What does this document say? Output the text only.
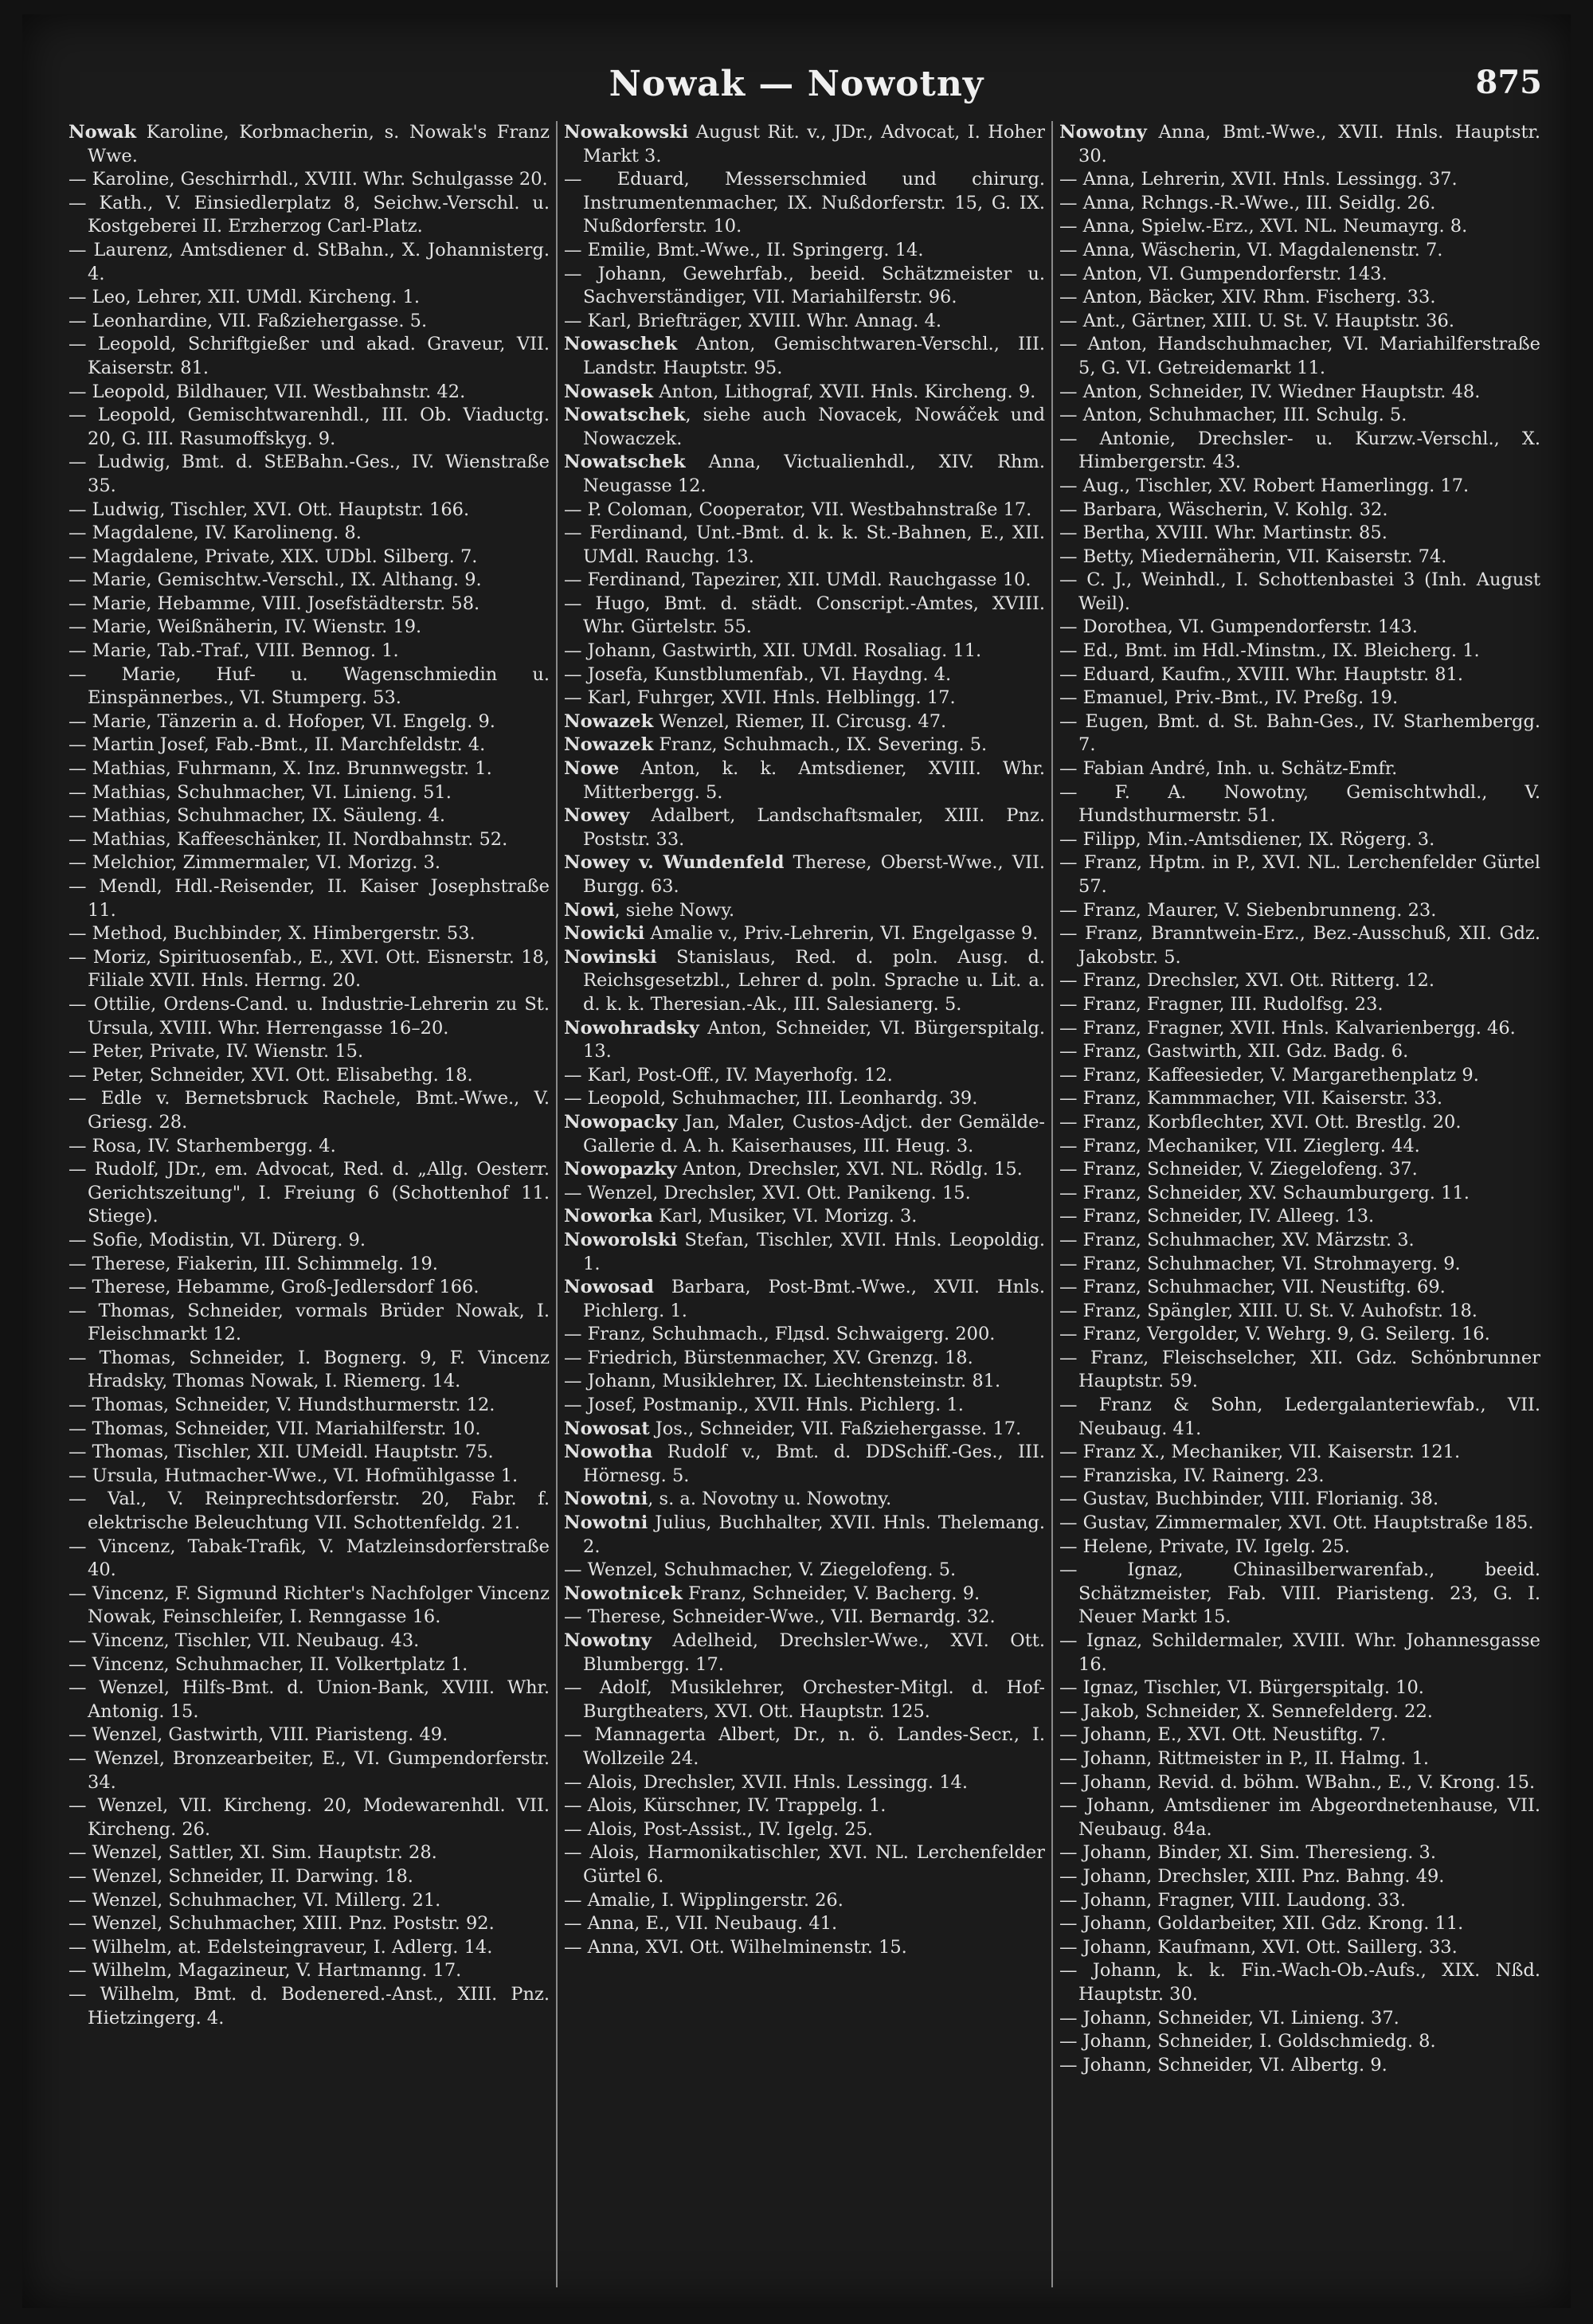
Nowak — Nowotny	875

Nowak Karoline, Korbmacherin, s. Nowak's Franz Wwe.

— Karoline, Geschirrhdl., XVIII. Whr. Schulgasse 20.

— Kath., V. Einsiedlerplatz 8, Seichw.-Verschl. u. Kostgeberei II. Erzherzog Carl-Platz.

— Laurenz, Amtsdiener d. StBahn., X. Johannisterg. 4.

— Leo, Lehrer, XII. UMdl. Kircheng. 1.

— Leonhardine, VII. Faßziehergasse. 5.

— Leopold, Schriftgießer und akad. Graveur, VII. Kaiserstr. 81.

— Leopold, Bildhauer, VII. Westbahnstr. 42.

— Leopold, Gemischtwarenhdl., III. Ob. Viaductg. 20, G. III. Rasumoffskyg. 9.

— Ludwig, Bmt. d. StEBahn.-Ges., IV. Wienstraße 35.

— Ludwig, Tischler, XVI. Ott. Hauptstr. 166.

— Magdalene, IV. Karolineng. 8.

— Magdalene, Private, XIX. UDbl. Silberg. 7.

— Marie, Gemischtw.-Verschl., IX. Althang. 9.

— Marie, Hebamme, VIII. Josefstädterstr. 58.

— Marie, Weißnäherin, IV. Wienstr. 19.

— Marie, Tab.-Traf., VIII. Bennog. 1.

— Marie, Huf- u. Wagenschmiedin u. Einspännerbes., VI. Stumperg. 53.

— Marie, Tänzerin a. d. Hofoper, VI. Engelg. 9.

— Martin Josef, Fab.-Bmt., II. Marchfeldstr. 4.

— Mathias, Fuhrmann, X. Inz. Brunnwegstr. 1.

— Mathias, Schuhmacher, VI. Linieng. 51.

— Mathias, Schuhmacher, IX. Säuleng. 4.

— Mathias, Kaffeeschänker, II. Nordbahnstr. 52.

— Melchior, Zimmermaler, VI. Morizg. 3.

— Mendl, Hdl.-Reisender, II. Kaiser Josephstraße 11.

— Method, Buchbinder, X. Himbergerstr. 53.

— Moriz, Spirituosenfab., E., XVI. Ott. Eisnerstr. 18, Filiale XVII. Hnls. Herrng. 20.

— Ottilie, Ordens-Cand. u. Industrie-Lehrerin zu St. Ursula, XVIII. Whr. Herrengasse 16–20.

— Peter, Private, IV. Wienstr. 15.

— Peter, Schneider, XVI. Ott. Elisabethg. 18.

— Edle v. Bernetsbruck Rachele, Bmt.-Wwe., V. Griesg. 28.

— Rosa, IV. Starhembergg. 4.

— Rudolf, JDr., em. Advocat, Red. d. „Allg. Oesterr. Gerichtszeitung", I. Freiung 6 (Schottenhof 11. Stiege).

— Sofie, Modistin, VI. Dürerg. 9.

— Therese, Fiakerin, III. Schimmelg. 19.

— Therese, Hebamme, Groß-Jedlersdorf 166.

— Thomas, Schneider, vormals Brüder Nowak, I. Fleischmarkt 12.

— Thomas, Schneider, I. Bognerg. 9, F. Vincenz Hradsky, Thomas Nowak, I. Riemerg. 14.

— Thomas, Schneider, V. Hundsthurmerstr. 12.

— Thomas, Schneider, VII. Mariahilferstr. 10.

— Thomas, Tischler, XII. UMeidl. Hauptstr. 75.

— Ursula, Hutmacher-Wwe., VI. Hofmühlgasse 1.

— Val., V. Reinprechtsdorferstr. 20, Fabr. f. elektrische Beleuchtung VII. Schottenfeldg. 21.

— Vincenz, Tabak-Trafik, V. Matzleinsdorferstraße 40.

— Vincenz, F. Sigmund Richter's Nachfolger Vincenz Nowak, Feinschleifer, I. Renngasse 16.

— Vincenz, Tischler, VII. Neubaug. 43.

— Vincenz, Schuhmacher, II. Volkertplatz 1.

— Wenzel, Hilfs-Bmt. d. Union-Bank, XVIII. Whr. Antonig. 15.

— Wenzel, Gastwirth, VIII. Piaristeng. 49.

— Wenzel, Bronzearbeiter, E., VI. Gumpendorferstr. 34.

— Wenzel, VII. Kircheng. 20, Modewarenhdl. VII. Kircheng. 26.

— Wenzel, Sattler, XI. Sim. Hauptstr. 28.

— Wenzel, Schneider, II. Darwing. 18.

— Wenzel, Schuhmacher, VI. Millerg. 21.

— Wenzel, Schuhmacher, XIII. Pnz. Poststr. 92.

— Wilhelm, at. Edelsteingraveur, I. Adlerg. 14.

— Wilhelm, Magazineur, V. Hartmanng. 17.

— Wilhelm, Bmt. d. Bodenered.-Anst., XIII. Pnz. Hietzingerg. 4.

Nowakowski August Rit. v., JDr., Advocat, I. Hoher Markt 3.

— Eduard, Messerschmied und chirurg. Instrumentenmacher, IX. Nußdorferstr. 15, G. IX. Nußdorferstr. 10.

— Emilie, Bmt.-Wwe., II. Springerg. 14.

— Johann, Gewehrfab., beeid. Schätzmeister u. Sachverständiger, VII. Mariahilferstr. 96.

— Karl, Briefträger, XVIII. Whr. Annag. 4.

Nowaschek Anton, Gemischtwaren-Verschl., III. Landstr. Hauptstr. 95.

Nowasek Anton, Lithograf, XVII. Hnls. Kircheng. 9.

Nowatschek, siehe auch Novacek, Nowáček und Nowaczek.

Nowatschek Anna, Victualienhdl., XIV. Rhm. Neugasse 12.

— P. Coloman, Cooperator, VII. Westbahnstraße 17.

— Ferdinand, Unt.-Bmt. d. k. k. St.-Bahnen, E., XII. UMdl. Rauchg. 13.

— Ferdinand, Tapezirer, XII. UMdl. Rauchgasse 10.

— Hugo, Bmt. d. städt. Conscript.-Amtes, XVIII. Whr. Gürtelstr. 55.

— Johann, Gastwirth, XII. UMdl. Rosaliag. 11.

— Josefa, Kunstblumenfab., VI. Haydng. 4.

— Karl, Fuhrger, XVII. Hnls. Helblingg. 17.

Nowazek Wenzel, Riemer, II. Circusg. 47.

Nowazek Franz, Schuhmach., IX. Severing. 5.

Nowe Anton, k. k. Amtsdiener, XVIII. Whr. Mitterbergg. 5.

Nowey Adalbert, Landschaftsmaler, XIII. Pnz. Poststr. 33.

Nowey v. Wundenfeld Therese, Oberst-Wwe., VII. Burgg. 63.

Nowi, siehe Nowy.

Nowicki Amalie v., Priv.-Lehrerin, VI. Engelgasse 9.

Nowinski Stanislaus, Red. d. poln. Ausg. d. Reichsgesetzbl., Lehrer d. poln. Sprache u. Lit. a. d. k. k. Theresian.-Ak., III. Salesianerg. 5.

Nowohradsky Anton, Schneider, VI. Bürgerspitalg. 13.

— Karl, Post-Off., IV. Mayerhofg. 12.

— Leopold, Schuhmacher, III. Leonhardg. 39.

Nowopacky Jan, Maler, Custos-Adjct. der Gemälde-Gallerie d. A. h. Kaiserhauses, III. Heug. 3.

Nowopazky Anton, Drechsler, XVI. NL. Rödlg. 15.

— Wenzel, Drechsler, XVI. Ott. Panikeng. 15.

Noworka Karl, Musiker, VI. Morizg. 3.

Noworolski Stefan, Tischler, XVII. Hnls. Leopoldig. 1.

Nowosad Barbara, Post-Bmt.-Wwe., XVII. Hnls. Pichlerg. 1.

— Franz, Schuhmach., Flдsd. Schwaigerg. 200.

— Friedrich, Bürstenmacher, XV. Grenzg. 18.

— Johann, Musiklehrer, IX. Liechtensteinstr. 81.

— Josef, Postmanip., XVII. Hnls. Pichlerg. 1.

Nowosat Jos., Schneider, VII. Faßziehergasse. 17.

Nowotha Rudolf v., Bmt. d. DDSchiff.-Ges., III. Hörnesg. 5.

Nowotni, s. a. Novotny u. Nowotny.

Nowotni Julius, Buchhalter, XVII. Hnls. Thelemang. 2.

— Wenzel, Schuhmacher, V. Ziegelofeng. 5.

Nowotnicek Franz, Schneider, V. Bacherg. 9.

— Therese, Schneider-Wwe., VII. Bernardg. 32.

Nowotny Adelheid, Drechsler-Wwe., XVI. Ott. Blumbergg. 17.

— Adolf, Musiklehrer, Orchester-Mitgl. d. Hof-Burgtheaters, XVI. Ott. Hauptstr. 125.

— Mannagerta Albert, Dr., n. ö. Landes-Secr., I. Wollzeile 24.

— Alois, Drechsler, XVII. Hnls. Lessingg. 14.

— Alois, Kürschner, IV. Trappelg. 1.

— Alois, Post-Assist., IV. Igelg. 25.

— Alois, Harmonikatischler, XVI. NL. Lerchenfelder Gürtel 6.

— Amalie, I. Wipplingerstr. 26.

— Anna, E., VII. Neubaug. 41.

— Anna, XVI. Ott. Wilhelminenstr. 15.

Nowotny Anna, Bmt.-Wwe., XVII. Hnls. Hauptstr. 30.

— Anna, Lehrerin, XVII. Hnls. Lessingg. 37.

— Anna, Rchngs.-R.-Wwe., III. Seidlg. 26.

— Anna, Spielw.-Erz., XVI. NL. Neumayrg. 8.

— Anna, Wäscherin, VI. Magdalenenstr. 7.

— Anton, VI. Gumpendorferstr. 143.

— Anton, Bäcker, XIV. Rhm. Fischerg. 33.

— Ant., Gärtner, XIII. U. St. V. Hauptstr. 36.

— Anton, Handschuhmacher, VI. Mariahilferstraße 5, G. VI. Getreidemarkt 11.

— Anton, Schneider, IV. Wiedner Hauptstr. 48.

— Anton, Schuhmacher, III. Schulg. 5.

— Antonie, Drechsler- u. Kurzw.-Verschl., X. Himbergerstr. 43.

— Aug., Tischler, XV. Robert Hamerlingg. 17.

— Barbara, Wäscherin, V. Kohlg. 32.

— Bertha, XVIII. Whr. Martinstr. 85.

— Betty, Miedernäherin, VII. Kaiserstr. 74.

— C. J., Weinhdl., I. Schottenbastei 3 (Inh. August Weil).

— Dorothea, VI. Gumpendorferstr. 143.

— Ed., Bmt. im Hdl.-Minstm., IX. Bleicherg. 1.

— Eduard, Kaufm., XVIII. Whr. Hauptstr. 81.

— Emanuel, Priv.-Bmt., IV. Preßg. 19.

— Eugen, Bmt. d. St. Bahn-Ges., IV. Starhembergg. 7.

— Fabian André, Inh. u. Schätz-Emfr.

— F. A. Nowotny, Gemischtwhdl., V. Hundsthurmerstr. 51.

— Filipp, Min.-Amtsdiener, IX. Rögerg. 3.

— Franz, Hptm. in P., XVI. NL. Lerchenfelder Gürtel 57.

— Franz, Maurer, V. Siebenbrunneng. 23.

— Franz, Branntwein-Erz., Bez.-Ausschuß, XII. Gdz. Jakobstr. 5.

— Franz, Drechsler, XVI. Ott. Ritterg. 12.

— Franz, Fragner, III. Rudolfsg. 23.

— Franz, Fragner, XVII. Hnls. Kalvarienbergg. 46.

— Franz, Gastwirth, XII. Gdz. Badg. 6.

— Franz, Kaffeesieder, V. Margarethenplatz 9.

— Franz, Kammmacher, VII. Kaiserstr. 33.

— Franz, Korbflechter, XVI. Ott. Brestlg. 20.

— Franz, Mechaniker, VII. Zieglerg. 44.

— Franz, Schneider, V. Ziegelofeng. 37.

— Franz, Schneider, XV. Schaumburgerg. 11.

— Franz, Schneider, IV. Alleeg. 13.

— Franz, Schuhmacher, XV. Märzstr. 3.

— Franz, Schuhmacher, VI. Strohmayerg. 9.

— Franz, Schuhmacher, VII. Neustiftg. 69.

— Franz, Spängler, XIII. U. St. V. Auhofstr. 18.

— Franz, Vergolder, V. Wehrg. 9, G. Seilerg. 16.

— Franz, Fleischselcher, XII. Gdz. Schönbrunner Hauptstr. 59.

— Franz & Sohn, Ledergalanteriewfab., VII. Neubaug. 41.

— Franz X., Mechaniker, VII. Kaiserstr. 121.

— Franziska, IV. Rainerg. 23.

— Gustav, Buchbinder, VIII. Florianig. 38.

— Gustav, Zimmermaler, XVI. Ott. Hauptstraße 185.

— Helene, Private, IV. Igelg. 25.

— Ignaz, Chinasilberwarenfab., beeid. Schätzmeister, Fab. VIII. Piaristeng. 23, G. I. Neuer Markt 15.

— Ignaz, Schildermaler, XVIII. Whr. Johannesgasse 16.

— Ignaz, Tischler, VI. Bürgerspitalg. 10.

— Jakob, Schneider, X. Sennefelderg. 22.

— Johann, E., XVI. Ott. Neustiftg. 7.

— Johann, Rittmeister in P., II. Halmg. 1.

— Johann, Revid. d. böhm. WBahn., E., V. Krong. 15.

— Johann, Amtsdiener im Abgeordnetenhause, VII. Neubaug. 84a.

— Johann, Binder, XI. Sim. Theresieng. 3.

— Johann, Drechsler, XIII. Pnz. Bahng. 49.

— Johann, Fragner, VIII. Laudong. 33.

— Johann, Goldarbeiter, XII. Gdz. Krong. 11.

— Johann, Kaufmann, XVI. Ott. Saillerg. 33.

— Johann, k. k. Fin.-Wach-Ob.-Aufs., XIX. Nßd. Hauptstr. 30.

— Johann, Schneider, VI. Linieng. 37.

— Johann, Schneider, I. Goldschmiedg. 8.

— Johann, Schneider, VI. Albertg. 9.
